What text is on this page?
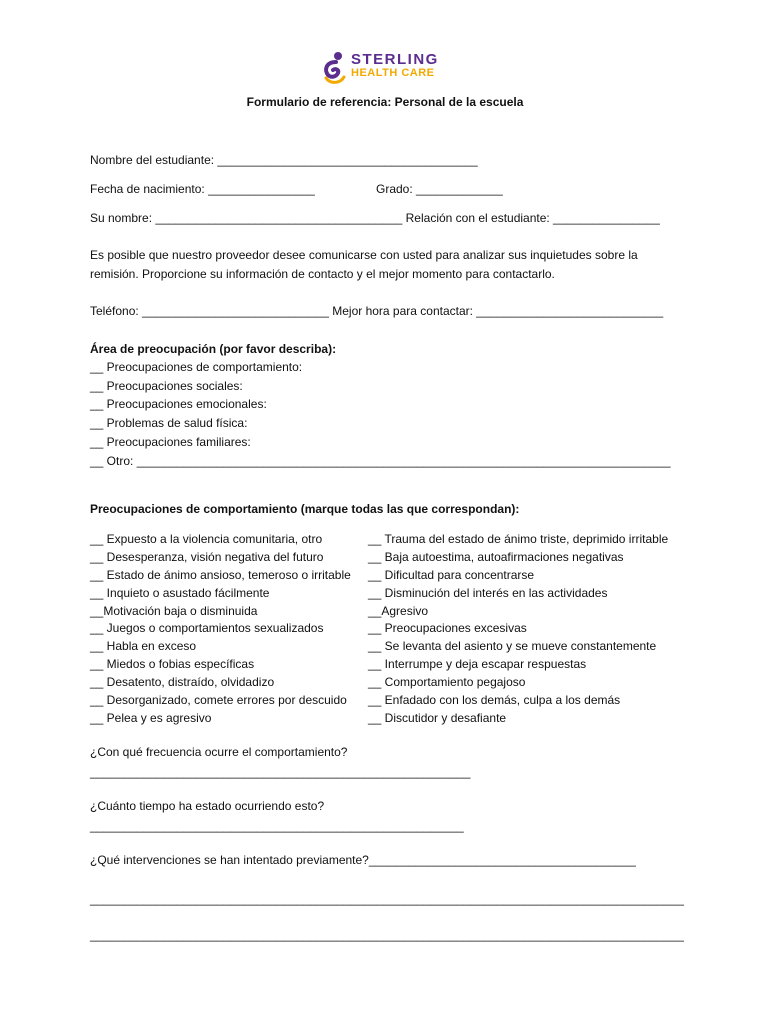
STERLING
HEALTH CARE
Formulario de referencia: Personal de la escuela
Nombre del estudiante: _______________________________________
Fecha de nacimiento: ________________	Grado: _____________
Su nombre: _____________________________________ Relación con el estudiante: ________________
Es posible que nuestro proveedor desee comunicarse con usted para analizar sus inquietudes sobre la
remisión. Proporcione su información de contacto y el mejor momento para contactarlo.
Teléfono: ____________________________ Mejor hora para contactar: ____________________________
Área de preocupación (por favor describa):
__ Preocupaciones de comportamiento:
__ Preocupaciones sociales:
__ Preocupaciones emocionales:
__ Problemas de salud física:
__ Preocupaciones familiares:
__ Otro: ________________________________________________________________________________
Preocupaciones de comportamiento (marque todas las que correspondan):
__ Expuesto a la violencia comunitaria, otro
__ Desesperanza, visión negativa del futuro
__ Estado de ánimo ansioso, temeroso o irritable
__ Inquieto o asustado fácilmente
__Motivación baja o disminuida
__ Juegos o comportamientos sexualizados
__ Habla en exceso
__ Miedos o fobias específicas
__ Desatento, distraído, olvidadizo
__ Desorganizado, comete errores por descuido
__ Pelea y es agresivo
__ Trauma del estado de ánimo triste, deprimido irritable
__ Baja autoestima, autoafirmaciones negativas
__ Dificultad para concentrarse
__ Disminución del interés en las actividades
__Agresivo
__ Preocupaciones excesivas
__ Se levanta del asiento y se mueve constantemente
__ Interrumpe y deja escapar respuestas
__ Comportamiento pegajoso
__ Enfadado con los demás, culpa a los demás
__ Discutidor y desafiante
¿Con qué frecuencia ocurre el comportamiento?
_________________________________________________________
¿Cuánto tiempo ha estado ocurriendo esto?
________________________________________________________
¿Qué intervenciones se han intentado previamente?________________________________________
_________________________________________________________________________________________
_________________________________________________________________________________________
